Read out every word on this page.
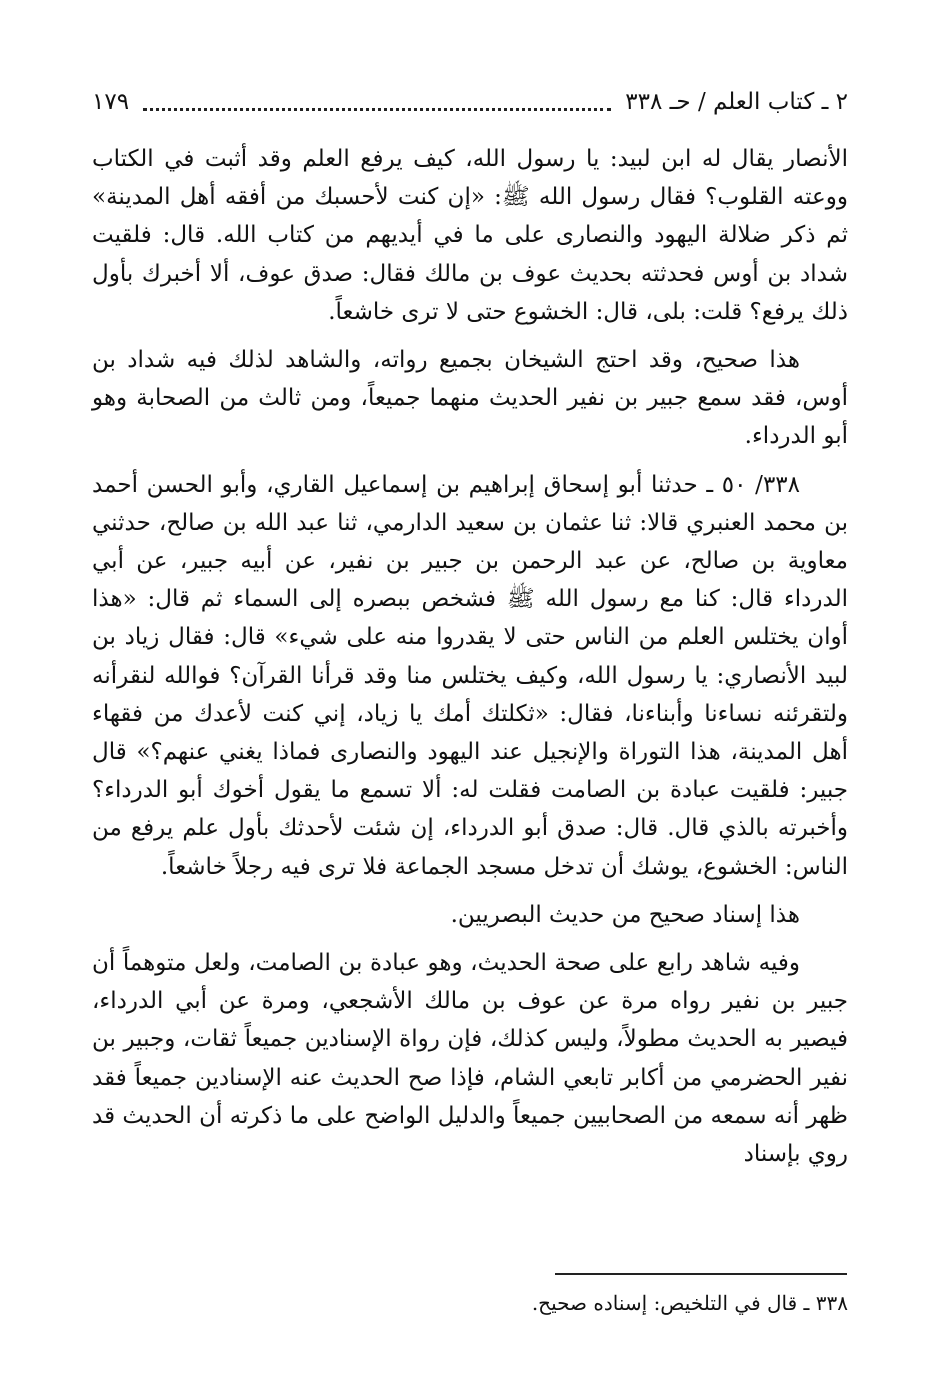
٢ ـ كتاب العلم / حـ ٣٣٨
١٧٩

الأنصار يقال له ابن لبيد: يا رسول الله، كيف يرفع العلم وقد أثبت في الكتاب ووعته القلوب؟ فقال رسول الله ﷺ: «إن كنت لأحسبك من أفقه أهل المدينة» ثم ذكر ضلالة اليهود والنصارى على ما في أيديهم من كتاب الله. قال: فلقيت شداد بن أوس فحدثته بحديث عوف بن مالك فقال: صدق عوف، ألا أخبرك بأول ذلك يرفع؟ قلت: بلى، قال: الخشوع حتى لا ترى خاشعاً.

هذا صحيح، وقد احتج الشيخان بجميع رواته، والشاهد لذلك فيه شداد بن أوس، فقد سمع جبير بن نفير الحديث منهما جميعاً، ومن ثالث من الصحابة وهو أبو الدرداء.

٣٣٨/ ٥٠ ـ حدثنا أبو إسحاق إبراهيم بن إسماعيل القاري، وأبو الحسن أحمد بن محمد العنبري قالا: ثنا عثمان بن سعيد الدارمي، ثنا عبد الله بن صالح، حدثني معاوية بن صالح، عن عبد الرحمن بن جبير بن نفير، عن أبيه جبير، عن أبي الدرداء قال: كنا مع رسول الله ﷺ فشخص ببصره إلى السماء ثم قال: «هذا أوان يختلس العلم من الناس حتى لا يقدروا منه على شيء» قال: فقال زياد بن لبيد الأنصاري: يا رسول الله، وكيف يختلس منا وقد قرأنا القرآن؟ فوالله لنقرأنه ولتقرئنه نساءنا وأبناءنا، فقال: «ثكلتك أمك يا زياد، إني كنت لأعدك من فقهاء أهل المدينة، هذا التوراة والإنجيل عند اليهود والنصارى فماذا يغني عنهم؟» قال جبير: فلقيت عبادة بن الصامت فقلت له: ألا تسمع ما يقول أخوك أبو الدرداء؟ وأخبرته بالذي قال. قال: صدق أبو الدرداء، إن شئت لأحدثك بأول علم يرفع من الناس: الخشوع، يوشك أن تدخل مسجد الجماعة فلا ترى فيه رجلاً خاشعاً.

هذا إسناد صحيح من حديث البصريين.

وفيه شاهد رابع على صحة الحديث، وهو عبادة بن الصامت، ولعل متوهماً أن جبير بن نفير رواه مرة عن عوف بن مالك الأشجعي، ومرة عن أبي الدرداء، فيصير به الحديث مطولاً، وليس كذلك، فإن رواة الإسنادين جميعاً ثقات، وجبير بن نفير الحضرمي من أكابر تابعي الشام، فإذا صح الحديث عنه الإسنادين جميعاً فقد ظهر أنه سمعه من الصحابيين جميعاً والدليل الواضح على ما ذكرته أن الحديث قد روي بإسناد

٣٣٨ ـ قال في التلخيص: إسناده صحيح.
